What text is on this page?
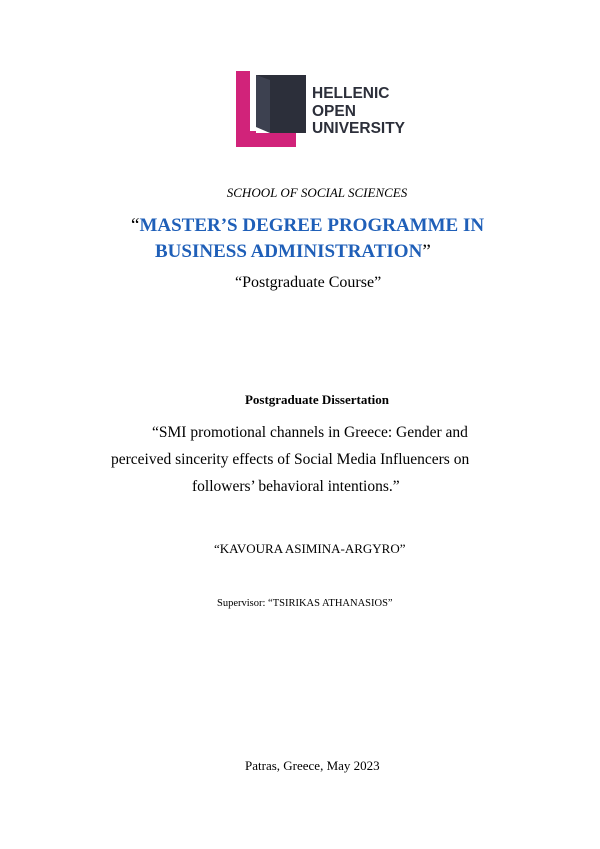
HELLENIC
OPEN
UNIVERSITY
SCHOOL OF SOCIAL SCIENCES
“MASTER’S DEGREE PROGRAMME IN
BUSINESS ADMINISTRATION”
“Postgraduate Course”
Postgraduate Dissertation
“SMI promotional channels in Greece: Gender and
perceived sincerity effects of Social Media Influencers on
followers’ behavioral intentions.”
“KAVOURA ASIMINA-ARGYRO”
Supervisor: “TSIRIKAS ATHANASIOS”
Patras, Greece, May 2023
